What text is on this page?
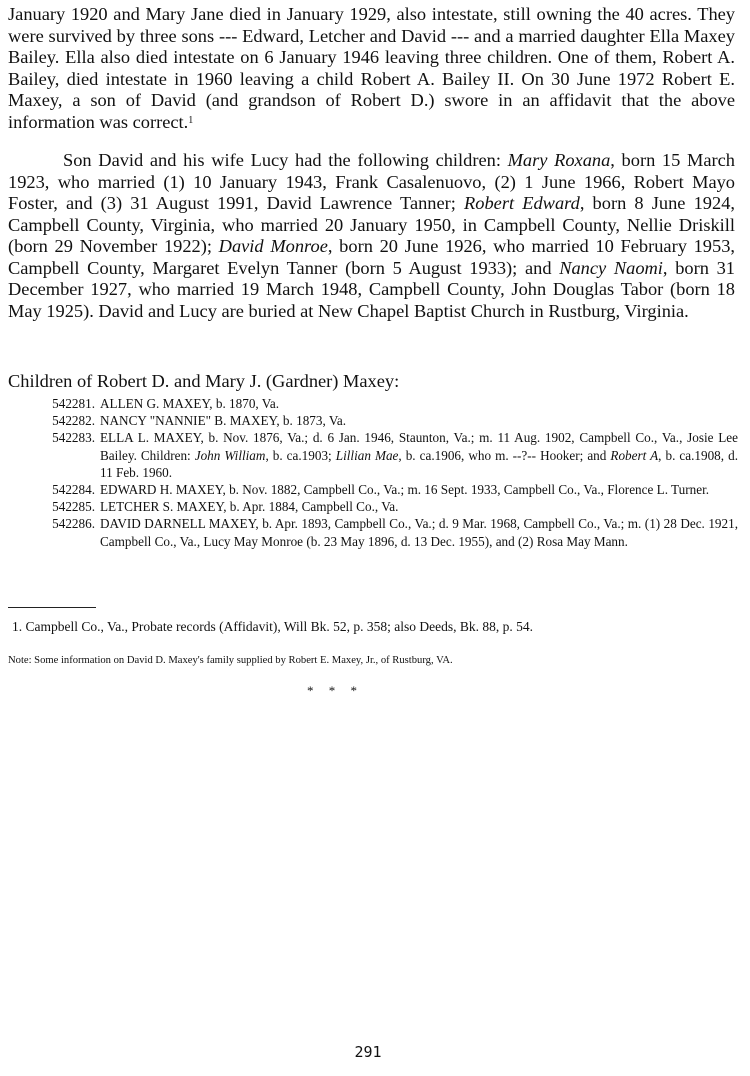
January 1920 and Mary Jane died in January 1929, also intestate, still owning the 40 acres. They were survived by three sons --- Edward, Letcher and David --- and a married daughter Ella Maxey Bailey. Ella also died intestate on 6 January 1946 leaving three children. One of them, Robert A. Bailey, died intestate in 1960 leaving a child Robert A. Bailey II. On 30 June 1972 Robert E. Maxey, a son of David (and grandson of Robert D.) swore in an affidavit that the above information was correct.$^1$

Son David and his wife Lucy had the following children: Mary Roxana, born 15 March 1923, who married (1) 10 January 1943, Frank Casalenuovo, (2) 1 June 1966, Robert Mayo Foster, and (3) 31 August 1991, David Lawrence Tanner; Robert Edward, born 8 June 1924, Campbell County, Virginia, who married 20 January 1950, in Campbell County, Nellie Driskill (born 29 November 1922); David Monroe, born 20 June 1926, who married 10 February 1953, Campbell County, Margaret Evelyn Tanner (born 5 August 1933); and Nancy Naomi, born 31 December 1927, who married 19 March 1948, Campbell County, John Douglas Tabor (born 18 May 1925). David and Lucy are buried at New Chapel Baptist Church in Rustburg, Virginia.

Children of Robert D. and Mary J. (Gardner) Maxey:

542281. ALLEN G. MAXEY, b. 1870, Va.
542282. NANCY "NANNIE" B. MAXEY, b. 1873, Va.
542283. ELLA L. MAXEY, b. Nov. 1876, Va.; d. 6 Jan. 1946, Staunton, Va.; m. 11 Aug. 1902, Campbell Co., Va., Josie Lee Bailey. Children: John William, b. ca.1903; Lillian Mae, b. ca.1906, who m. --?-- Hooker; and Robert A, b. ca.1908, d. 11 Feb. 1960.
542284. EDWARD H. MAXEY, b. Nov. 1882, Campbell Co., Va.; m. 16 Sept. 1933, Campbell Co., Va., Florence L. Turner.
542285. LETCHER S. MAXEY, b. Apr. 1884, Campbell Co., Va.
542286. DAVID DARNELL MAXEY, b. Apr. 1893, Campbell Co., Va.; d. 9 Mar. 1968, Campbell Co., Va.; m. (1) 28 Dec. 1921, Campbell Co., Va., Lucy May Monroe (b. 23 May 1896, d. 13 Dec. 1955), and (2) Rosa May Mann.

1. Campbell Co., Va., Probate records (Affidavit), Will Bk. 52, p. 358; also Deeds, Bk. 88, p. 54.

Note: Some information on David D. Maxey's family supplied by Robert E. Maxey, Jr., of Rustburg, VA.

* * *
291
